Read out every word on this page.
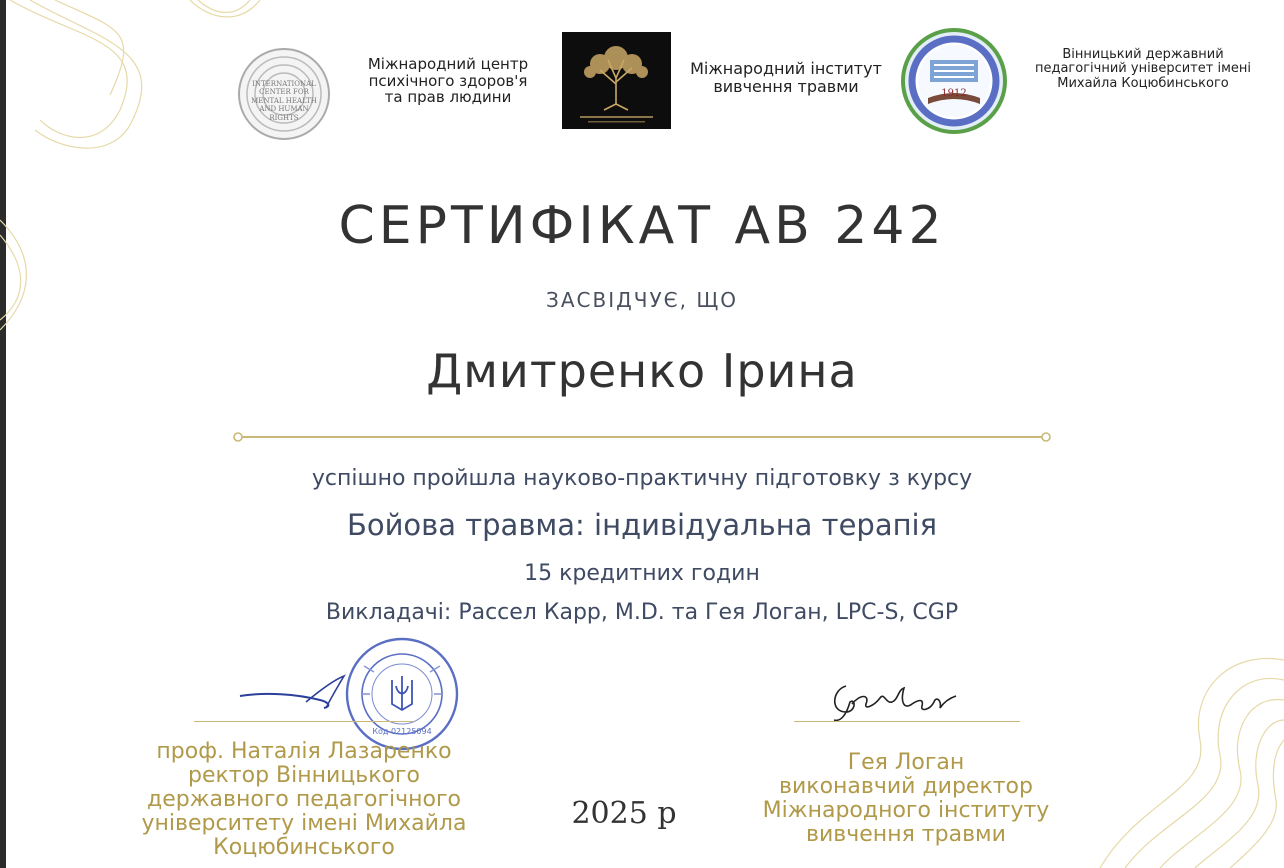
INTERNATIONAL CENTER FOR MENTAL HEALTH AND HUMAN RIGHTS
Міжнародний центр
психічного здоров'я
та прав людини
Міжнародний інститут
вивчення травми	1912
Вінницький державний
педагогічний університет імені
Михайла Коцюбинського
СЕРТИФІКАТ АВ 242
ЗАСВІДЧУЄ, ЩО
Дмитренко Ірина
успішно пройшла науково-практичну підготовку з курсу
Бойова травма: індивідуальна терапія
15 кредитних годин
Викладачі: Рассел Карр, M.D. та Гея Логан, LPC-S, CGP
Код 02125094
проф. Наталія Лазаренко
ректор Вінницького
державного педагогічного
університету імені Михайла
Коцюбинського
2025 р
Гея Логан
виконавчий директор
Міжнародного інституту
вивчення травми
